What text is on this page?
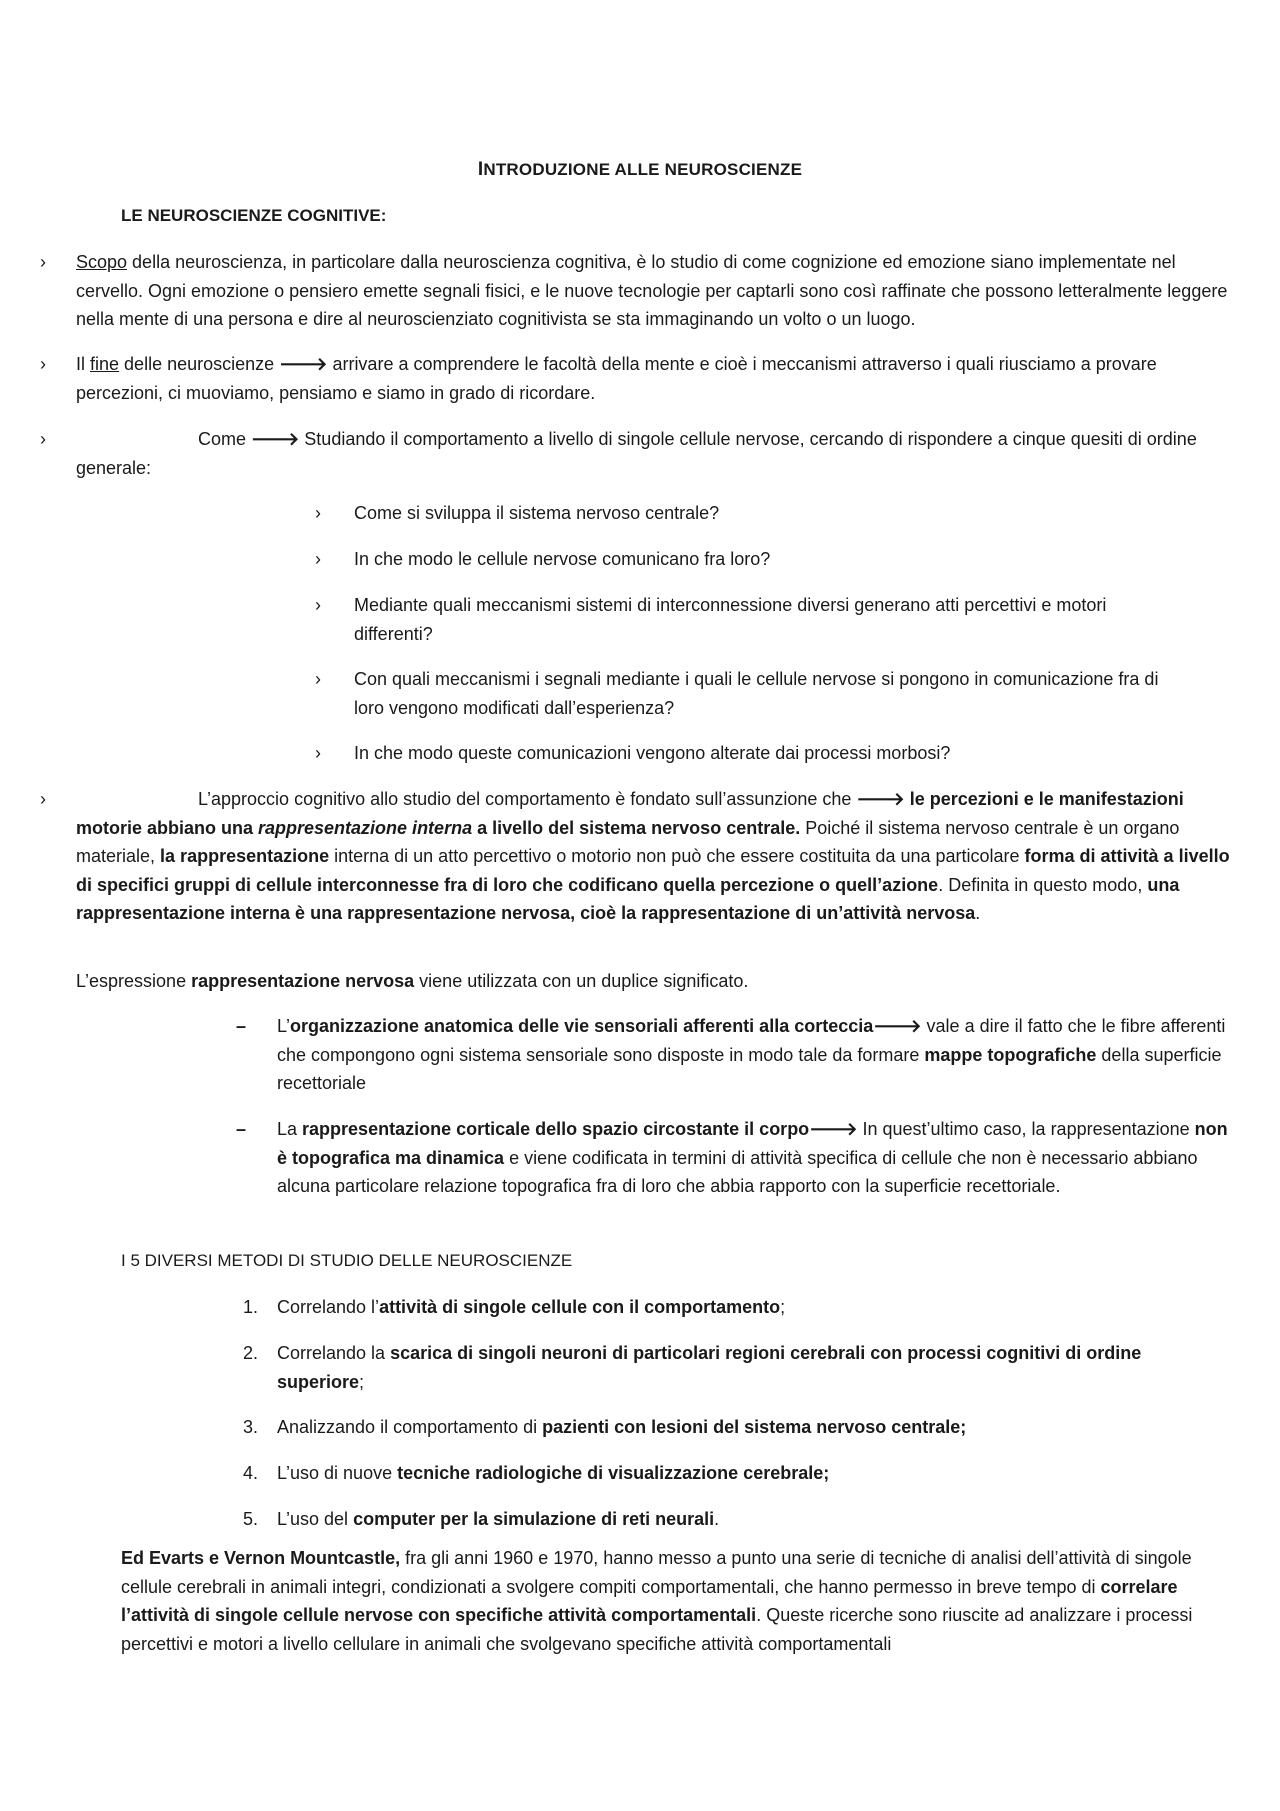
INTRODUZIONE ALLE NEUROSCIENZE
LE NEUROSCIENZE COGNITIVE:
›	Scopo della neuroscienza, in particolare dalla neuroscienza cognitiva, è lo studio di come cognizione ed emozione siano implementate nel cervello. Ogni emozione o pensiero emette segnali fisici, e le nuove tecnologie per captarli sono così raffinate che possono letteralmente leggere nella mente di una persona e dire al neuroscienziato cognitivista se sta immaginando un volto o un luogo.

›	Il fine delle neuroscienze 🡒 arrivare a comprendere le facoltà della mente e cioè i meccanismi attraverso i quali riusciamo a provare percezioni, ci muoviamo, pensiamo e siamo in grado di ricordare.

›	Come 🡒 Studiando il comportamento a livello di singole cellule nervose, cercando di rispondere a cinque quesiti di ordine generale:

› Come si sviluppa il sistema nervoso centrale?

› In che modo le cellule nervose comunicano fra loro?

› Mediante quali meccanismi sistemi di interconnessione diversi generano atti percettivi e motori differenti?

› Con quali meccanismi i segnali mediante i quali le cellule nervose si pongono in comunicazione fra di loro vengono modificati dall’esperienza?

› In che modo queste comunicazioni vengono alterate dai processi morbosi?

›	L’approccio cognitivo allo studio del comportamento è fondato sull’assunzione che 🡒 le percezioni e le manifestazioni motorie abbiano una rappresentazione interna a livello del sistema nervoso centrale. Poiché il sistema nervoso centrale è un organo materiale, la rappresentazione interna di un atto percettivo o motorio non può che essere costituita da una particolare forma di attività a livello di specifici gruppi di cellule interconnesse fra di loro che codificano quella percezione o quell’azione. Definita in questo modo, una rappresentazione interna è una rappresentazione nervosa, cioè la rappresentazione di un’attività nervosa.

L’espressione rappresentazione nervosa viene utilizzata con un duplice significato.

– L’organizzazione anatomica delle vie sensoriali afferenti alla corteccia🡒 vale a dire il fatto che le fibre afferenti che compongono ogni sistema sensoriale sono disposte in modo tale da formare mappe topografiche della superficie recettoriale

– La rappresentazione corticale dello spazio circostante il corpo🡒 In quest’ultimo caso, la rappresentazione non è topografica ma dinamica e viene codificata in termini di attività specifica di cellule che non è necessario abbiano alcuna particolare relazione topografica fra di loro che abbia rapporto con la superficie recettoriale.

I 5 DIVERSI METODI DI STUDIO DELLE NEUROSCIENZE
1. Correlando l’attività di singole cellule con il comportamento;

2. Correlando la scarica di singoli neuroni di particolari regioni cerebrali con processi cognitivi di ordine superiore;

3. Analizzando il comportamento di pazienti con lesioni del sistema nervoso centrale;

4. L’uso di nuove tecniche radiologiche di visualizzazione cerebrale;

5. L’uso del computer per la simulazione di reti neurali.

Ed Evarts e Vernon Mountcastle, fra gli anni 1960 e 1970, hanno messo a punto una serie di tecniche di analisi dell’attività di singole cellule cerebrali in animali integri, condizionati a svolgere compiti comportamentali, che hanno permesso in breve tempo di correlare l’attività di singole cellule nervose con specifiche attività comportamentali. Queste ricerche sono riuscite ad analizzare i processi percettivi e motori a livello cellulare in animali che svolgevano specifiche attività comportamentali
